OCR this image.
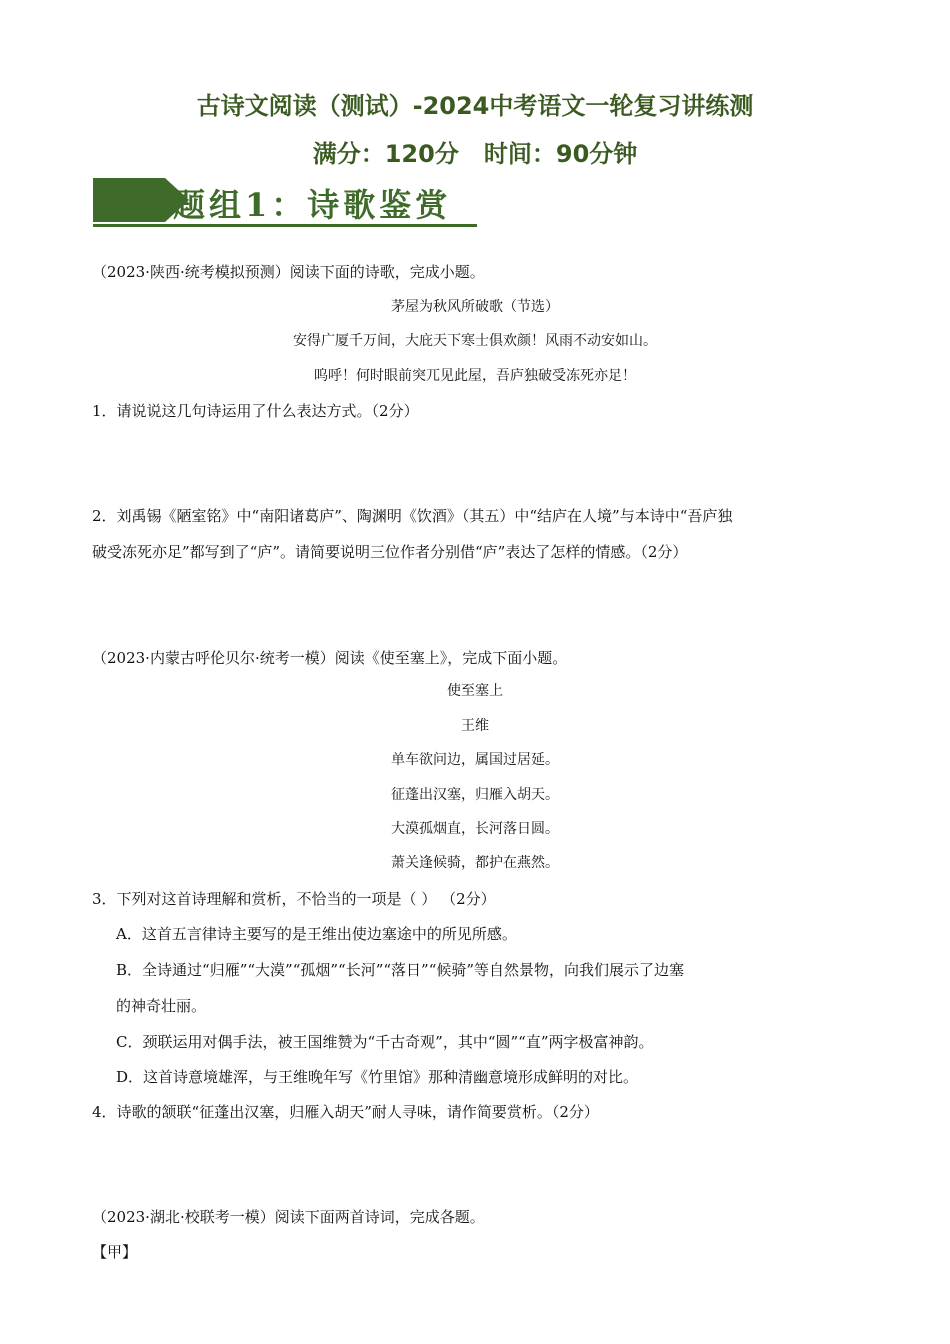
古诗文阅读（测试）-2024中考语文一轮复习讲练测
满分：120分   时间：90分钟
题组1：诗歌鉴赏
（2023·陕西·统考模拟预测）阅读下面的诗歌，完成小题。
茅屋为秋风所破歌（节选）
安得广厦千万间，大庇天下寒士俱欢颜！风雨不动安如山。
呜呼！何时眼前突兀见此屋，吾庐独破受冻死亦足！
1．请说说这几句诗运用了什么表达方式。（2分）
2．刘禹锡《陋室铭》中“南阳诸葛庐”、陶渊明《饮酒》（其五）中“结庐在人境”与本诗中“吾庐独
破受冻死亦足”都写到了“庐”。请简要说明三位作者分别借“庐”表达了怎样的情感。（2分）
（2023·内蒙古呼伦贝尔·统考一模）阅读《使至塞上》，完成下面小题。
使至塞上
王维
单车欲问边，属国过居延。
征蓬出汉塞，归雁入胡天。
大漠孤烟直，长河落日圆。
萧关逢候骑，都护在燕然。
3．下列对这首诗理解和赏析，不恰当的一项是（ ） （2分）
A．这首五言律诗主要写的是王维出使边塞途中的所见所感。
B．全诗通过“归雁”“大漠”“孤烟”“长河”“落日”“候骑”等自然景物，向我们展示了边塞
的神奇壮丽。
C．颈联运用对偶手法，被王国维赞为“千古奇观”，其中“圆”“直”两字极富神韵。
D．这首诗意境雄浑，与王维晚年写《竹里馆》那种清幽意境形成鲜明的对比。
4．诗歌的颔联“征蓬出汉塞，归雁入胡天”耐人寻味，请作简要赏析。（2分）
（2023·湖北·校联考一模）阅读下面两首诗词，完成各题。
【甲】
